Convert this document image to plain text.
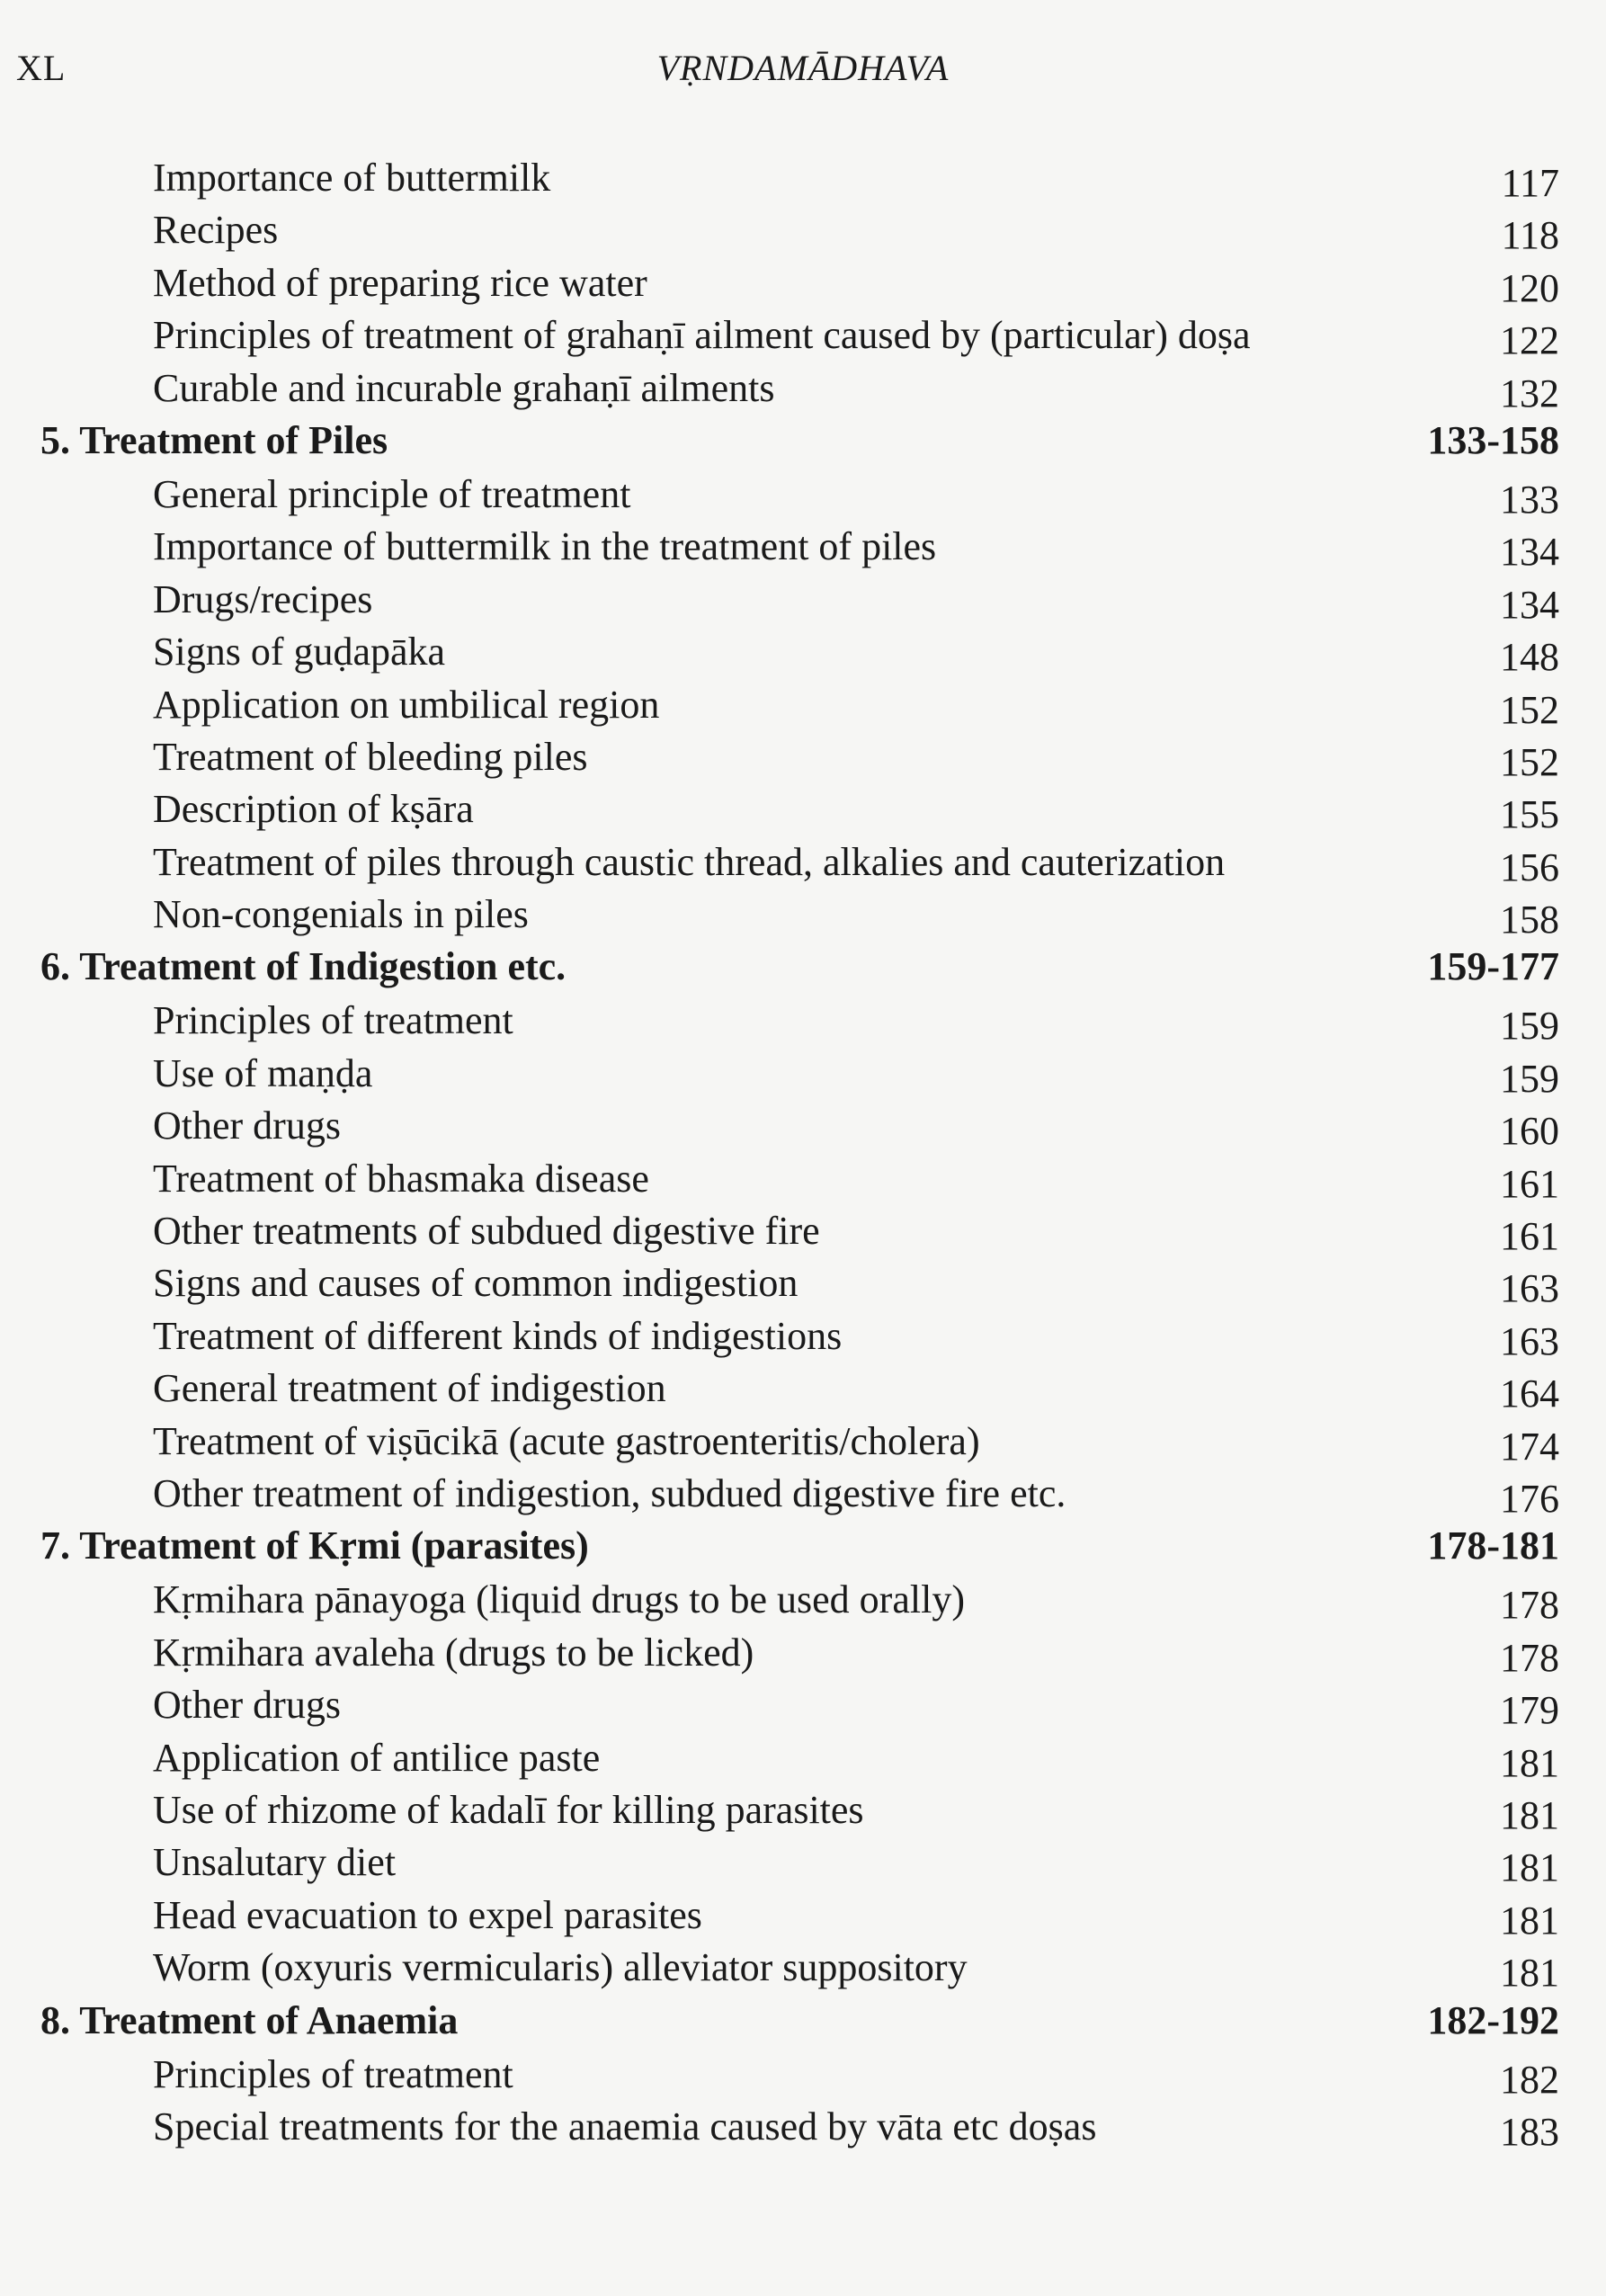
XL	VṚNDAMĀDHAVA
Importance of buttermilk	117
Recipes	118
Method of preparing rice water	120
Principles of treatment of grahaṇī ailment caused by (particular) doṣa	122
Curable and incurable grahaṇī ailments	132
5. Treatment of Piles	133-158
General principle of treatment	133
Importance of buttermilk in the treatment of piles	134
Drugs/recipes	134
Signs of guḍapāka	148
Application on umbilical region	152
Treatment of bleeding piles	152
Description of kṣāra	155
Treatment of piles through caustic thread, alkalies and cauterization	156
Non-congenials in piles	158
6. Treatment of Indigestion etc.	159-177
Principles of treatment	159
Use of maṇḍa	159
Other drugs	160
Treatment of bhasmaka disease	161
Other treatments of subdued digestive fire	161
Signs and causes of common indigestion	163
Treatment of different kinds of indigestions	163
General treatment of indigestion	164
Treatment of viṣūcikā (acute gastroenteritis/cholera)	174
Other treatment of indigestion, subdued digestive fire etc.	176
7. Treatment of Kṛmi (parasites)	178-181
Kṛmihara pānayoga (liquid drugs to be used orally)	178
Kṛmihara avaleha (drugs to be licked)	178
Other drugs	179
Application of antilice paste	181
Use of rhizome of kadalī for killing parasites	181
Unsalutary diet	181
Head evacuation to expel parasites	181
Worm (oxyuris vermicularis) alleviator suppository	181
8. Treatment of Anaemia	182-192
Principles of treatment	182
Special treatments for the anaemia caused by vāta etc doṣas	183
